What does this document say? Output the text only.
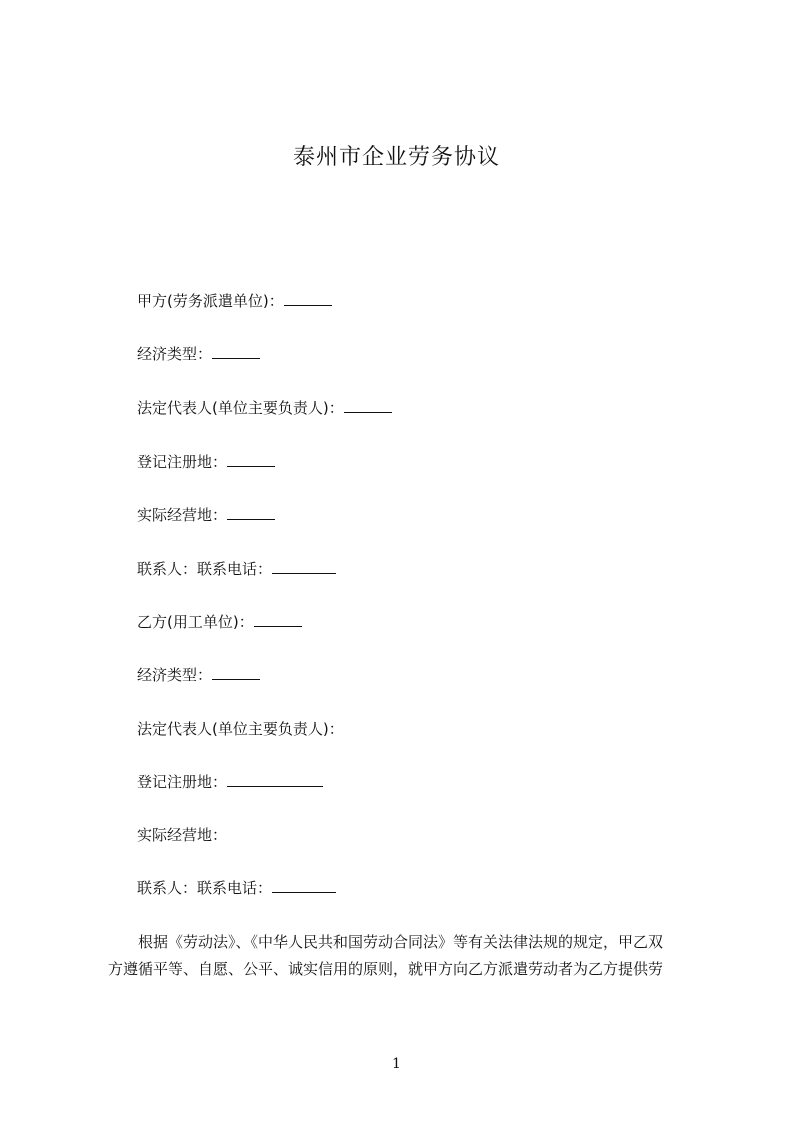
泰州市企业劳务协议
甲方(劳务派遣单位)：
经济类型：
法定代表人(单位主要负责人)：
登记注册地：
实际经营地：
联系人：联系电话：
乙方(用工单位)：
经济类型：
法定代表人(单位主要负责人)：
登记注册地：
实际经营地：
联系人：联系电话：
根据《劳动法》、《中华人民共和国劳动合同法》等有关法律法规的规定，甲乙双
方遵循平等、自愿、公平、诚实信用的原则，就甲方向乙方派遣劳动者为乙方提供劳
1
